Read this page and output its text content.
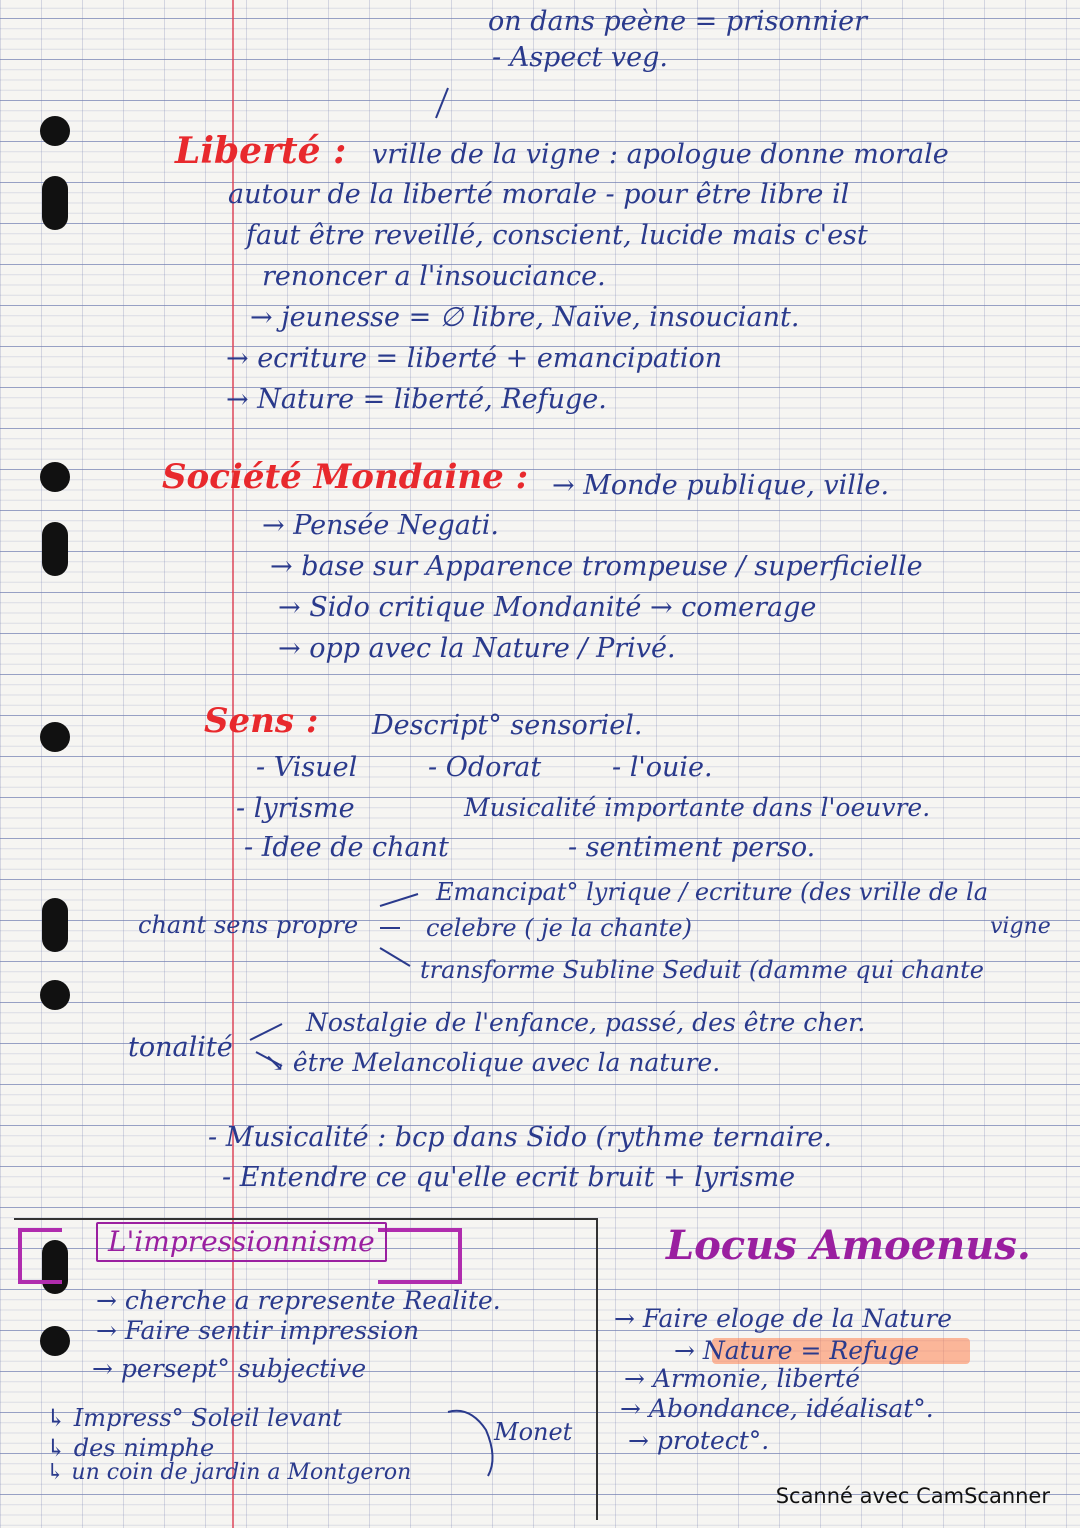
on dans peène = prisonnier
- Aspect veg.
Liberté : vrille de la vigne : apologue donne morale
autour de la liberté morale - pour être libre il
faut être reveillé, conscient, lucide mais c'est
renoncer a l'insouciance.
→ jeunesse = ∅ libre, Naïve, insouciant.
→ ecriture = liberté + emancipation
→ Nature = liberté, Refuge.
Société Mondaine : → Monde publique, ville.
→ Pensée Negati.
→ base sur Apparence trompeuse / superficielle
→ Sido critique Mondanité → comerage
→ opp avec la Nature / Privé.
Sens : Descript° sensoriel.
- Visuel	- Odorat	- l'ouie.
- lyrisme	Musicalité importante dans l'oeuvre.
- Idee de chant	- sentiment perso.
chant sens propre
Emancipat° lyrique / ecriture (des vrille de la
vigne
celebre ( je la chante)
transforme Subline Seduit (damme qui chante
tonalité
Nostalgie de l'enfance, passé, des être cher.
↘ être Melancolique avec la nature.
- Musicalité : bcp dans Sido (rythme ternaire.
- Entendre ce qu'elle ecrit bruit + lyrisme
L'impressionnisme
→ cherche a represente Realite.
→ Faire sentir impression
→ persept° subjective
↳ Impress° Soleil levant
↳ des nimphe
↳ un coin de jardin a Montgeron
Monet
Locus Amoenus.
→ Faire eloge de la Nature
→ Nature = Refuge
→ Armonie, liberté
→ Abondance, idéalisat°.
→ protect°.
Scanné avec CamScanner
